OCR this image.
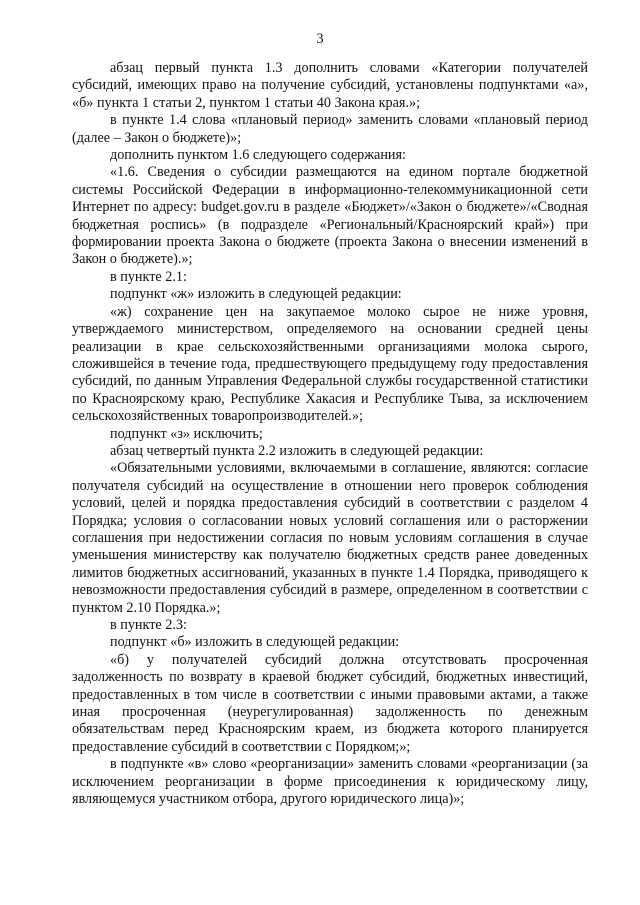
3

абзац первый пункта 1.3 дополнить словами «Категории получателей субсидий, имеющих право на получение субсидий, установлены подпунктами «а», «б» пункта 1 статьи 2, пунктом 1 статьи 40 Закона края.»;

в пункте 1.4 слова «плановый период» заменить словами «плановый период (далее – Закон о бюджете)»;

дополнить пунктом 1.6 следующего содержания:

«1.6. Сведения о субсидии размещаются на едином портале бюджетной системы Российской Федерации в информационно-телекоммуникационной сети Интернет по адресу: budget.gov.ru в разделе «Бюджет»/«Закон о бюджете»/«Сводная бюджетная роспись» (в подразделе «Региональный/Красноярский край») при формировании проекта Закона о бюджете (проекта Закона о внесении изменений в Закон о бюджете).»;

в пункте 2.1:

подпункт «ж» изложить в следующей редакции:

«ж) сохранение цен на закупаемое молоко сырое не ниже уровня, утверждаемого министерством, определяемого на основании средней цены реализации в крае сельскохозяйственными организациями молока сырого, сложившейся в течение года, предшествующего предыдущему году предоставления субсидий, по данным Управления Федеральной службы государственной статистики по Красноярскому краю, Республике Хакасия и Республике Тыва, за исключением сельскохозяйственных товаропроизводителей.»;

подпункт «з» исключить;

абзац четвертый пункта 2.2 изложить в следующей редакции:

«Обязательными условиями, включаемыми в соглашение, являются: согласие получателя субсидий на осуществление в отношении него проверок соблюдения условий, целей и порядка предоставления субсидий в соответствии с разделом 4 Порядка; условия о согласовании новых условий соглашения или о расторжении соглашения при недостижении согласия по новым условиям соглашения в случае уменьшения министерству как получателю бюджетных средств ранее доведенных лимитов бюджетных ассигнований, указанных в пункте 1.4 Порядка, приводящего к невозможности предоставления субсидий в размере, определенном в соответствии с пунктом 2.10 Порядка.»;

в пункте 2.3:

подпункт «б» изложить в следующей редакции:

«б) у получателей субсидий должна отсутствовать просроченная задолженность по возврату в краевой бюджет субсидий, бюджетных инвестиций, предоставленных в том числе в соответствии с иными правовыми актами, а также иная просроченная (неурегулированная) задолженность по денежным обязательствам перед Красноярским краем, из бюджета которого планируется предоставление субсидий в соответствии с Порядком;»;

в подпункте «в» слово «реорганизации» заменить словами «реорганизации (за исключением реорганизации в форме присоединения к юридическому лицу, являющемуся участником отбора, другого юридического лица)»;
